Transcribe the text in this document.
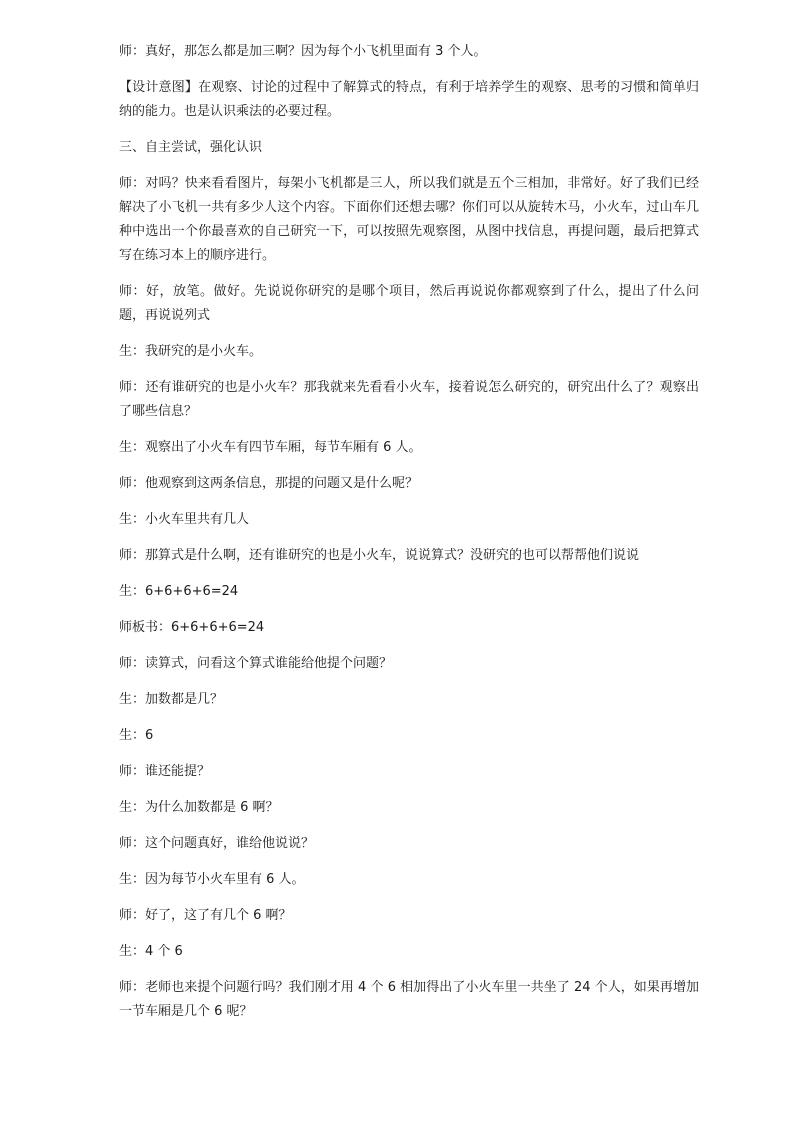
师：真好，那怎么都是加三啊？因为每个小飞机里面有 3 个人。

【设计意图】在观察、讨论的过程中了解算式的特点，有利于培养学生的观察、思考的习惯和简单归纳的能力。也是认识乘法的必要过程。

三、自主尝试，强化认识

师：对吗？快来看看图片，每架小飞机都是三人，所以我们就是五个三相加，非常好。好了我们已经解决了小飞机一共有多少人这个内容。下面你们还想去哪？你们可以从旋转木马，小火车，过山车几种中选出一个你最喜欢的自己研究一下，可以按照先观察图，从图中找信息，再提问题，最后把算式写在练习本上的顺序进行。

师：好，放笔。做好。先说说你研究的是哪个项目，然后再说说你都观察到了什么，提出了什么问题，再说说列式

生：我研究的是小火车。

师：还有谁研究的也是小火车？那我就来先看看小火车，接着说怎么研究的，研究出什么了？观察出了哪些信息？

生：观察出了小火车有四节车厢，每节车厢有 6 人。

师：他观察到这两条信息，那提的问题又是什么呢？

生：小火车里共有几人

师：那算式是什么啊，还有谁研究的也是小火车，说说算式？没研究的也可以帮帮他们说说

生：6+6+6+6=24

师板书：6+6+6+6=24

师：读算式，问看这个算式谁能给他提个问题？

生：加数都是几？

生：6

师：谁还能提？

生：为什么加数都是 6 啊？

师：这个问题真好，谁给他说说？

生：因为每节小火车里有 6 人。

师：好了，这了有几个 6 啊？

生：4 个 6

师：老师也来提个问题行吗？我们刚才用 4 个 6 相加得出了小火车里一共坐了 24 个人，如果再增加一节车厢是几个 6 呢？
